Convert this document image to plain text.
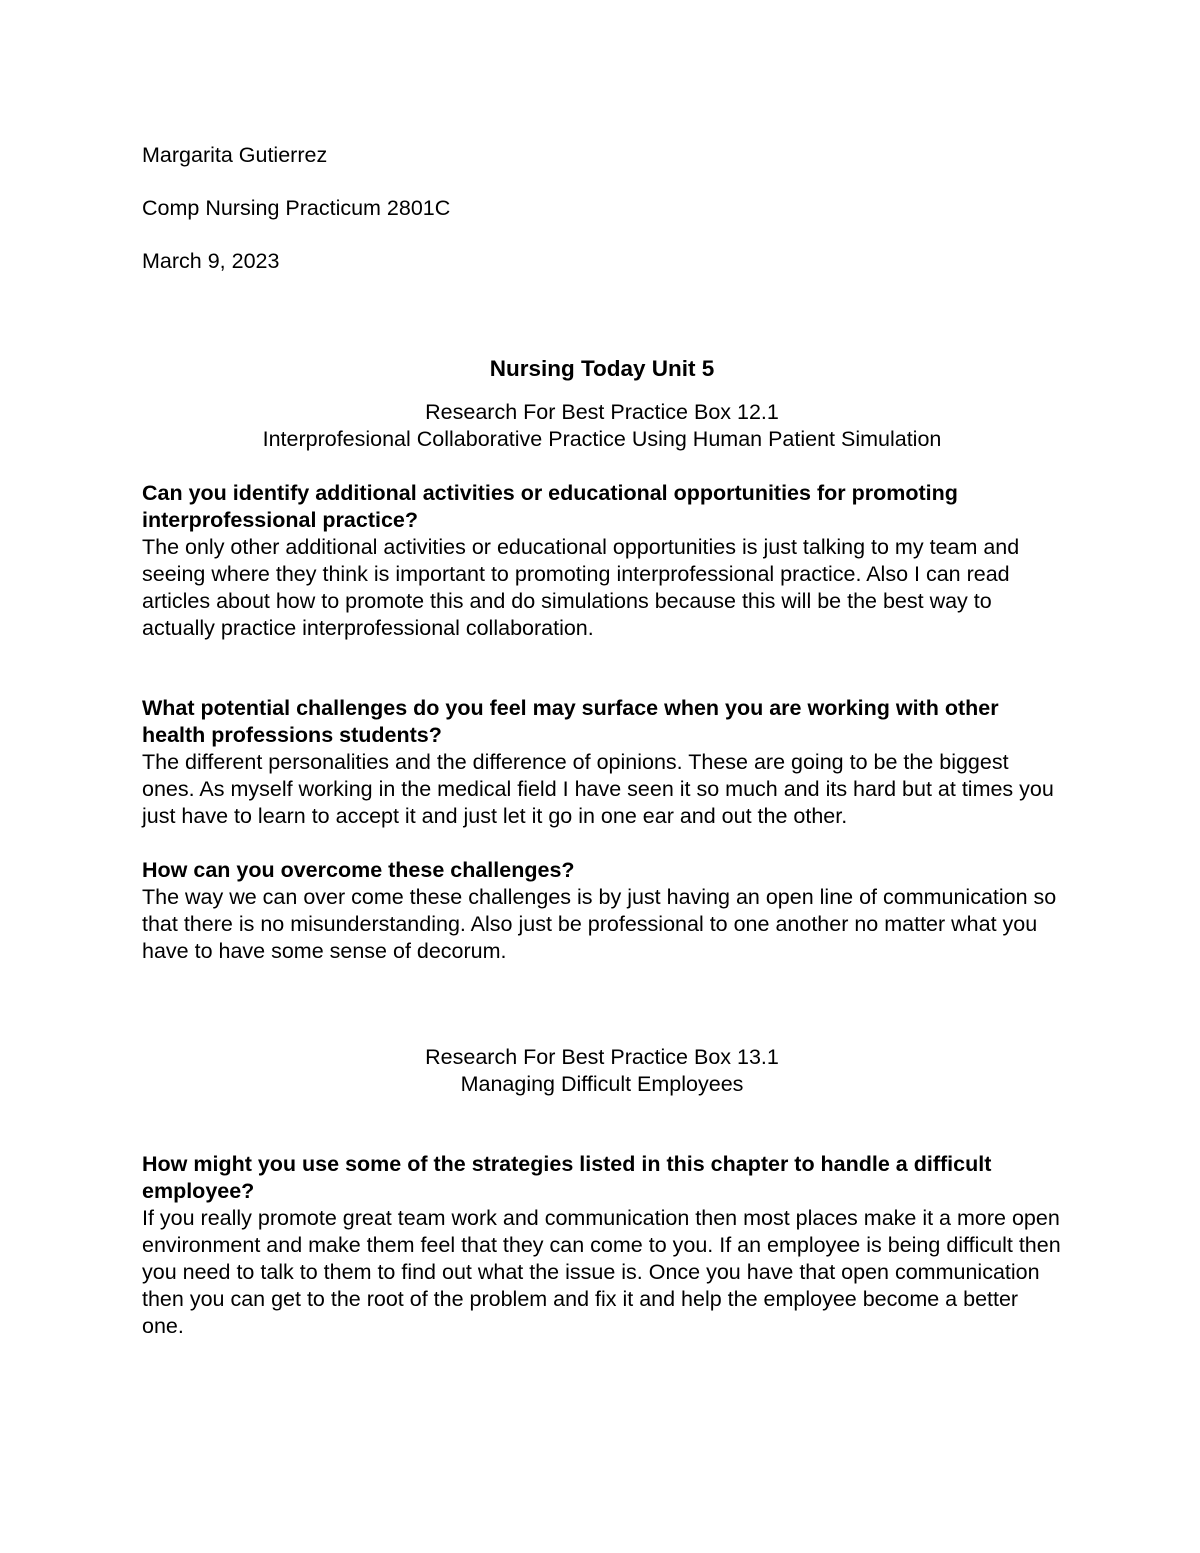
Margarita Gutierrez

Comp Nursing Practicum 2801C

March 9, 2023

Nursing Today Unit 5

Research For Best Practice Box 12.1

Interprofesional Collaborative Practice Using Human Patient Simulation

Can you identify additional activities or educational opportunities for promoting interprofessional practice?

The only other additional activities or educational opportunities is just talking to my team and seeing where they think is important to promoting interprofessional practice. Also I can read articles about how to promote this and do simulations because this will be the best way to actually practice interprofessional collaboration.

What potential challenges do you feel may surface when you are working with other health professions students?

The different personalities and the difference of opinions. These are going to be the biggest ones. As myself working in the medical field I have seen it so much and its hard but at times you just have to learn to accept it and just let it go in one ear and out the other.

How can you overcome these challenges?

The way we can over come these challenges is by just having an open line of communication so that there is no misunderstanding. Also just be professional to one another no matter what you have to have some sense of decorum.

Research For Best Practice Box 13.1

Managing Difficult Employees

How might you use some of the strategies listed in this chapter to handle a difficult employee?

If you really promote great team work and communication then most places make it a more open environment and make them feel that they can come to you. If an employee is being difficult then you need to talk to them to find out what the issue is. Once you have that open communication then you can get to the root of the problem and fix it and help the employee become a better one.
